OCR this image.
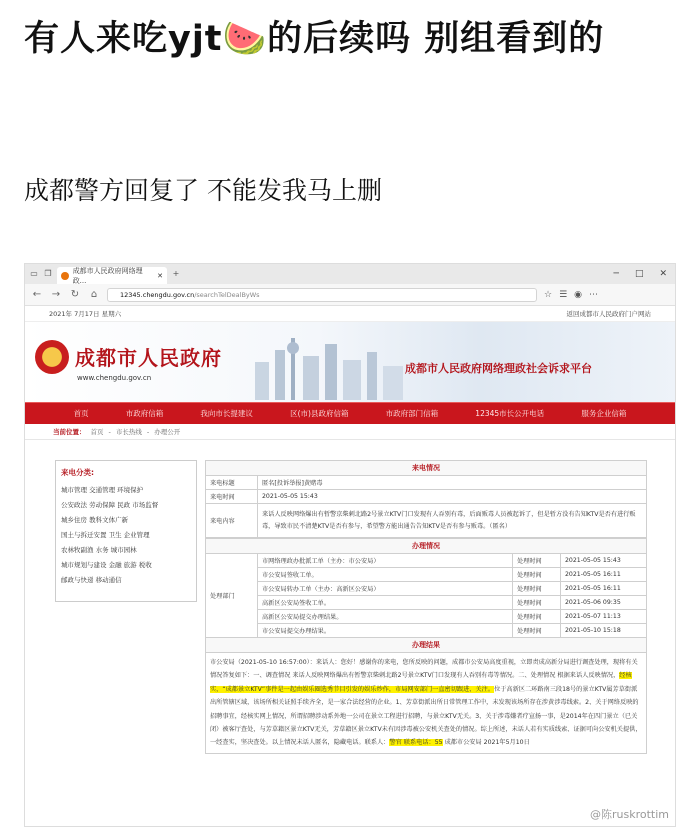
有人来吃yjt🍉的后续吗 别组看到的
成都警方回复了 不能发我马上删
▭ ❐	成都市人民政府网络理政...
✕ +	─ □ ✕
← → ↻ ⌂	12345.chengdu.gov.cn/searchTelDealByWs	☆ ☰ ◉ ⋯
2021年 7月17日 星期六	返回成都市人民政府门户网站
成都市人民政府
www.chengdu.gov.cn
成都市人民政府网络理政社会诉求平台
首页	市政府信箱	我向市长提建议	区(市)县政府信箱	市政府部门信箱	12345市长公开电话	服务企业信箱
当前位置： 首页 - 市长热线 - 办理公开
来电分类:
城市管理 交通管理 环境保护
公安政法 劳动保障 民政 市场监督
城乡住房 教科文体广新
国土与拆迁安置 卫生 企业管理
农林牧副渔 水务 城市园林
城市规划与建设 金融 旅游 税收
邮政与快递 移动通信
来电情况	
来电标题	匿名[投诉举报]黄赌毒
来电时间	2021-05-05 15:43
来电内容	来话人反映网络爆出有暂警京柴刺北路2号景立KTV门口发现有人吞别有毒，后面贩毒人员被起诉了，但是暂方没有告知KTV是否有进行贩毒，导致市民不清楚KTV是否有参与，希望警方能出通告告知KTV是否有参与贩毒。（匿名）
办理情况			
处理部门	市网络理政办批派工单（主办：市公安局）	处理时间	2021-05-05 15:43
	市公安局签收工单。	处理时间	2021-05-05 16:11
	市公安局转办工单（主办：高新区公安局）	处理时间	2021-05-05 16:11
	高新区公安局签收工单。	处理时间	2021-05-06 09:35
	高新区公安局提交办理结果。	处理时间	2021-05-07 11:13
	市公安局提交办理结果。	处理时间	2021-05-10 15:18
办理结果			
市公安局（2021-05-10 16:57:00）：来话人：您好！感谢你的来电，您所反映的问题，成都市公安局高度重视，立即责成高新分局进行调查处理，现将有关情况答复如下：一、调查情况 来话人反映网络爆出有暂警京柴刺北路2号景立KTV门口发现有人吞别有毒等情况。二、处理情况 根据来话人反映情况，经核实，“成都景立KTV”事件是一起由娱乐圈选秀节目引发的娱乐炒作，市局网安部门一直密切跟进、关注。位于高新区二环路南三段18号的景立KTV属芳草街派出所管辖区域，该场所相关证照手续齐全，是一家合法经营的企业。1、芳草街派出所日常管理工作中，未发现该场所存在涉黄涉毒线索。2、关于网络反映的招聘事宜，经核实网上情况，所谓招聘涉动系外地一公司在景立工程进行招聘，与景立KTV无关。3、关于涉毒嫌者疗宣扬一事，是2014年在四门景立（已关闭）被客厅查处，与芳草籍区景立KTV无关，芳草籍区景立KTV未有因涉毒被公安机关查处的情况。综上所述，未话人若有实质线索、证据可向公安机关提供，一经查实，坚决查处。以上情况未话人匿名，隐藏电话。联系人：警官 联系电话：55 成都市公安局 2021年5月10日
@陈ruskrottim
